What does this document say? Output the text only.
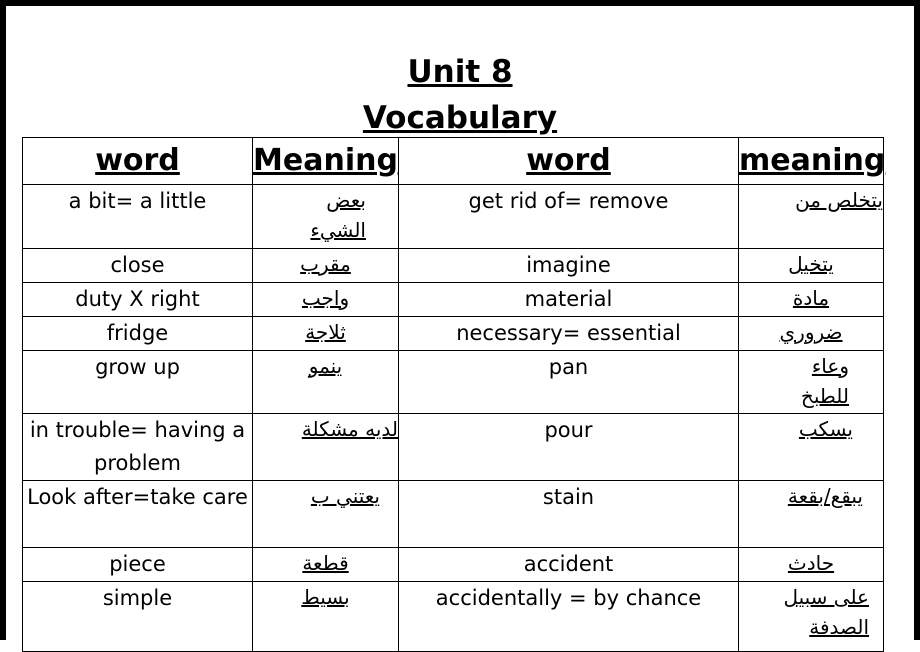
Unit 8
Vocabulary
word	Meaning	word	meaning
a bit= a little	بعض الشيء	get rid of= remove	يتخلص من
close	مقرب	imagine	يتخيل
duty X right	واجب	material	مادة
fridge	ثلاجة	necessary= essential	ضروري
grow up	ينمو	pan	وعاء للطبخ
in trouble= having a problem	لديه مشكلة	pour	يسكب
Look after=take care	يعتني ب	stain	يبقع/بقعة
piece	قطعة	accident	حادث
simple	بسيط	accidentally = by chance	على سبيل الصدفة
